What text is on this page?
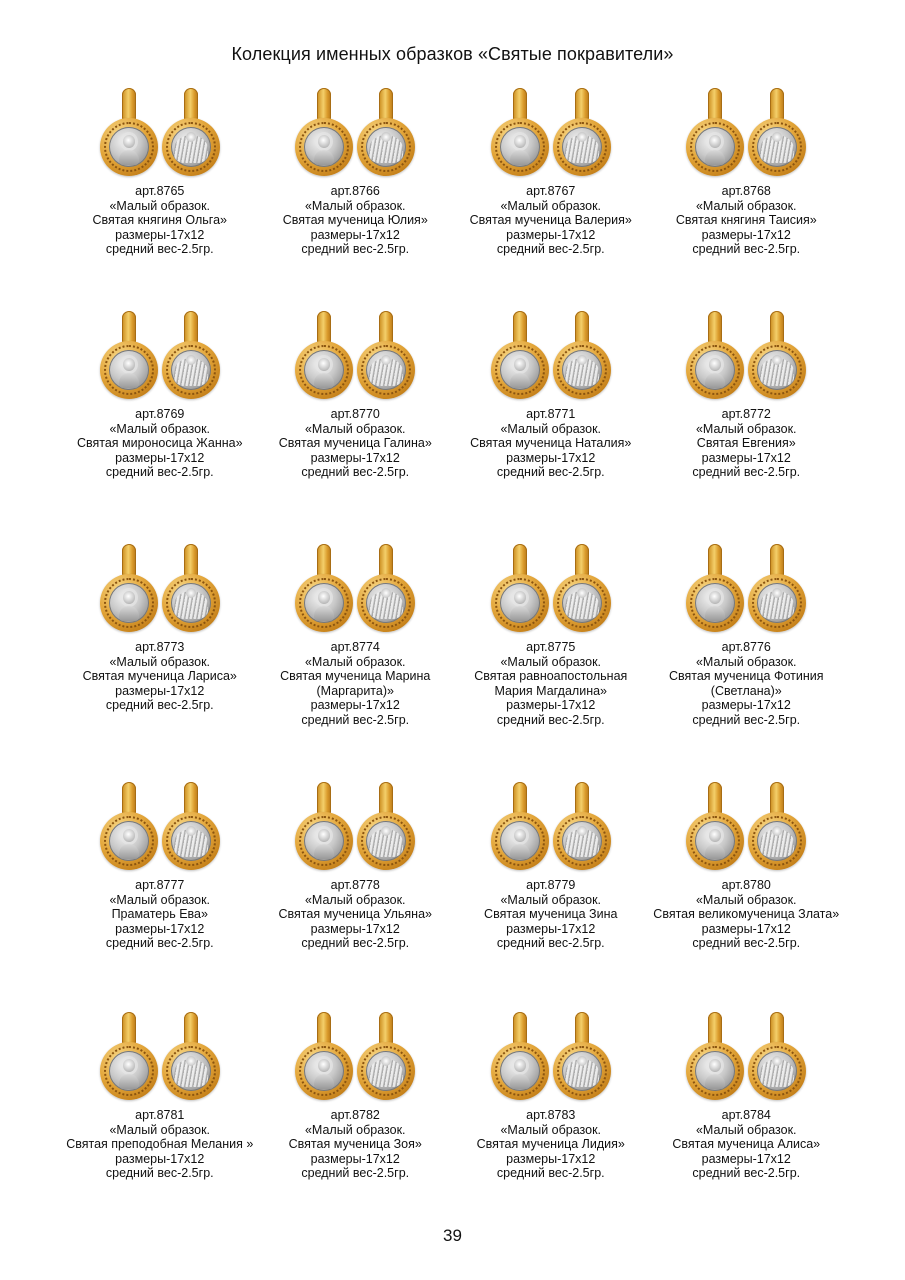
Колекция именных образков «Святые покравители»
арт.8765
«Малый образок.
Святая княгиня Ольга»
размеры-17х12
средний вес-2.5гр.
арт.8766
«Малый образок.
Святая мученица Юлия»
размеры-17х12
средний вес-2.5гр.
арт.8767
«Малый образок.
Святая мученица Валерия»
размеры-17х12
средний вес-2.5гр.
арт.8768
«Малый образок.
Святая княгиня Таисия»
размеры-17х12
средний вес-2.5гр.
арт.8769
«Малый образок.
Святая мироносица Жанна»
размеры-17х12
средний вес-2.5гр.
арт.8770
«Малый образок.
Святая мученица Галина»
размеры-17х12
средний вес-2.5гр.
арт.8771
«Малый образок.
Святая мученица Наталия»
размеры-17х12
средний вес-2.5гр.
арт.8772
«Малый образок.
Святая Евгения»
размеры-17х12
средний вес-2.5гр.
арт.8773
«Малый образок.
Святая мученица Лариса»
размеры-17х12
средний вес-2.5гр.
арт.8774
«Малый образок.
Святая мученица Марина
(Маргарита)»
размеры-17х12
средний вес-2.5гр.
арт.8775
«Малый образок.
Святая равноапостольная
Мария Магдалина»
размеры-17х12
средний вес-2.5гр.
арт.8776
«Малый образок.
Святая мученица Фотиния
(Светлана)»
размеры-17х12
средний вес-2.5гр.
арт.8777
«Малый образок.
Праматерь Ева»
размеры-17х12
средний вес-2.5гр.
арт.8778
«Малый образок.
Святая мученица Ульяна»
размеры-17х12
средний вес-2.5гр.
арт.8779
«Малый образок.
Святая мученица Зина
размеры-17х12
средний вес-2.5гр.
арт.8780
«Малый образок.
Святая великомученица Злата»
размеры-17х12
средний вес-2.5гр.
арт.8781
«Малый образок.
Святая преподобная Мелания »
размеры-17х12
средний вес-2.5гр.
арт.8782
«Малый образок.
Святая мученица Зоя»
размеры-17х12
средний вес-2.5гр.
арт.8783
«Малый образок.
Святая мученица Лидия»
размеры-17х12
средний вес-2.5гр.
арт.8784
«Малый образок.
Святая мученица Алиса»
размеры-17х12
средний вес-2.5гр.
39
